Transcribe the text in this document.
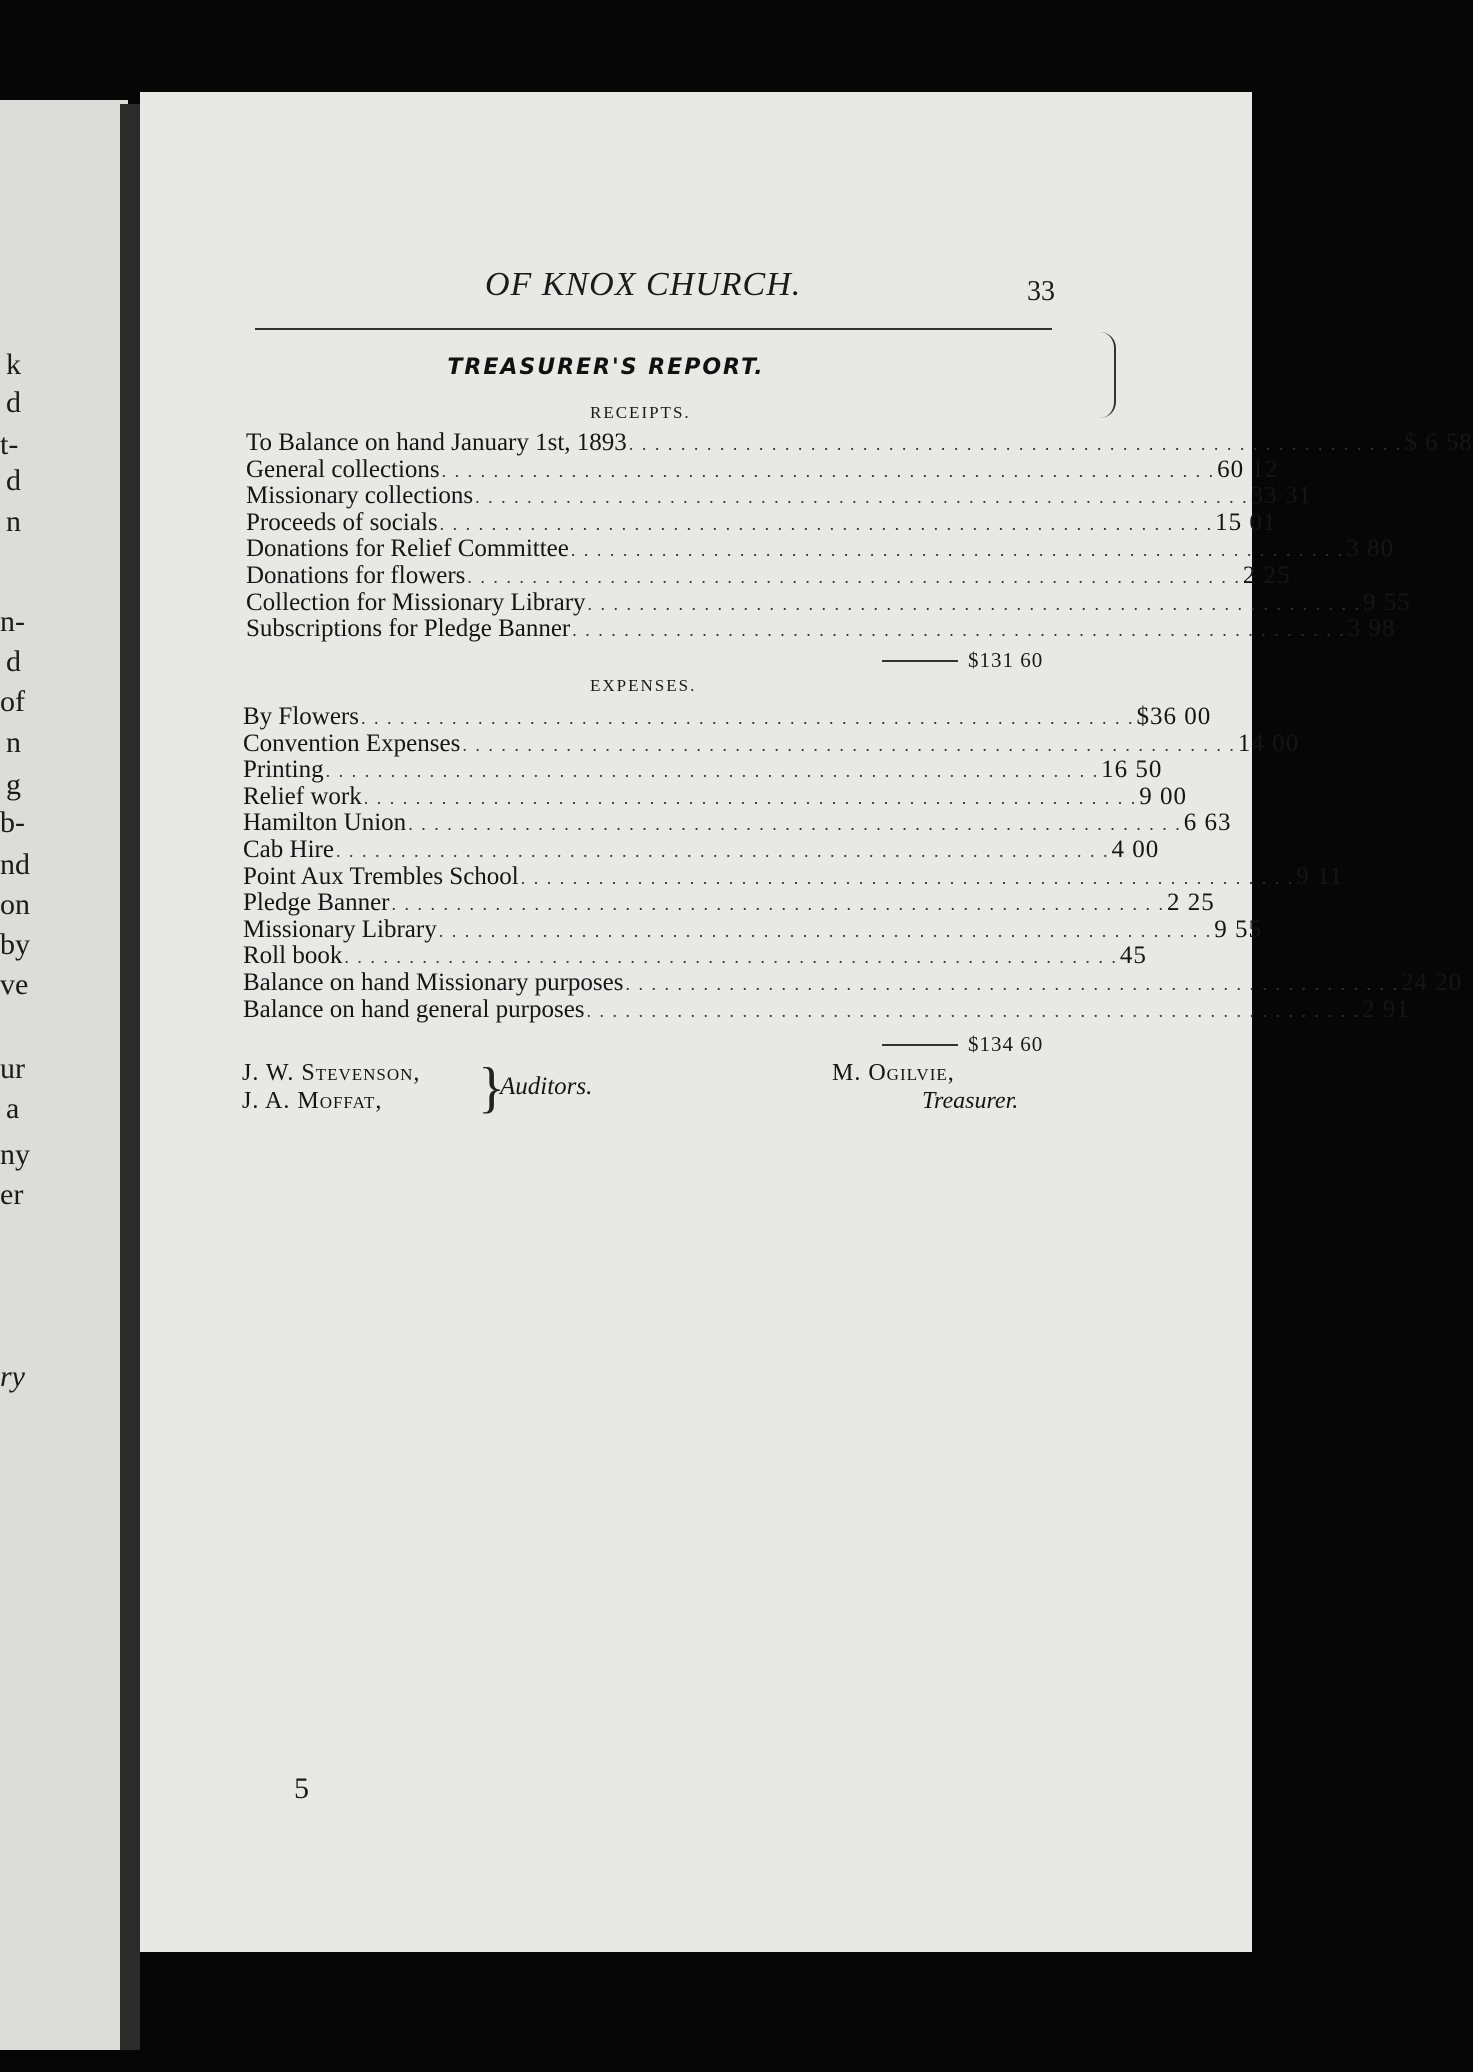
k
d
t-
d
n
n-
d
of
n
g
b-
nd
on
by
ve
ur
a
ny
er
ry
OF KNOX CHURCH.	33
TREASURER'S REPORT.
RECEIPTS.
To Balance on hand January 1st, 1893 . . . . . . . . . . . . . . . . . . . . . . . . . . . . . . . . . . . . . . . . . . . . . . . . . . . . . . . . . . . . $ 6 58
General collections . . . . . . . . . . . . . . . . . . . . . . . . . . . . . . . . . . . . . . . . . . . . . . . . . . . . . . . . . . . . 60 12
Missionary collections . . . . . . . . . . . . . . . . . . . . . . . . . . . . . . . . . . . . . . . . . . . . . . . . . . . . . . . . . . . . 33 31
Proceeds of socials . . . . . . . . . . . . . . . . . . . . . . . . . . . . . . . . . . . . . . . . . . . . . . . . . . . . . . . . . . . . 15 01
Donations for Relief Committee . . . . . . . . . . . . . . . . . . . . . . . . . . . . . . . . . . . . . . . . . . . . . . . . . . . . . . . . . . . . 3 80
Donations for flowers . . . . . . . . . . . . . . . . . . . . . . . . . . . . . . . . . . . . . . . . . . . . . . . . . . . . . . . . . . . . 2 25
Collection for Missionary Library . . . . . . . . . . . . . . . . . . . . . . . . . . . . . . . . . . . . . . . . . . . . . . . . . . . . . . . . . . . . 9 55
Subscriptions for Pledge Banner . . . . . . . . . . . . . . . . . . . . . . . . . . . . . . . . . . . . . . . . . . . . . . . . . . . . . . . . . . . . 3 98
$131 60
EXPENSES.
By Flowers . . . . . . . . . . . . . . . . . . . . . . . . . . . . . . . . . . . . . . . . . . . . . . . . . . . . . . . . . . . . $36 00
Convention Expenses . . . . . . . . . . . . . . . . . . . . . . . . . . . . . . . . . . . . . . . . . . . . . . . . . . . . . . . . . . . . 14 00
Printing . . . . . . . . . . . . . . . . . . . . . . . . . . . . . . . . . . . . . . . . . . . . . . . . . . . . . . . . . . . . 16 50
Relief work . . . . . . . . . . . . . . . . . . . . . . . . . . . . . . . . . . . . . . . . . . . . . . . . . . . . . . . . . . . . 9 00
Hamilton Union . . . . . . . . . . . . . . . . . . . . . . . . . . . . . . . . . . . . . . . . . . . . . . . . . . . . . . . . . . . . 6 63
Cab Hire . . . . . . . . . . . . . . . . . . . . . . . . . . . . . . . . . . . . . . . . . . . . . . . . . . . . . . . . . . . . 4 00
Point Aux Trembles School . . . . . . . . . . . . . . . . . . . . . . . . . . . . . . . . . . . . . . . . . . . . . . . . . . . . . . . . . . . . 9 11
Pledge Banner . . . . . . . . . . . . . . . . . . . . . . . . . . . . . . . . . . . . . . . . . . . . . . . . . . . . . . . . . . . . 2 25
Missionary Library . . . . . . . . . . . . . . . . . . . . . . . . . . . . . . . . . . . . . . . . . . . . . . . . . . . . . . . . . . . . 9 55
Roll book . . . . . . . . . . . . . . . . . . . . . . . . . . . . . . . . . . . . . . . . . . . . . . . . . . . . . . . . . . . . 45
Balance on hand Missionary purposes . . . . . . . . . . . . . . . . . . . . . . . . . . . . . . . . . . . . . . . . . . . . . . . . . . . . . . . . . . . . 24 20
Balance on hand general purposes . . . . . . . . . . . . . . . . . . . . . . . . . . . . . . . . . . . . . . . . . . . . . . . . . . . . . . . . . . . . 2 91
$134 60
J. W. Stevenson,
J. A. Moffat, }
Auditors.	M. Ogilvie,
Treasurer.
5
